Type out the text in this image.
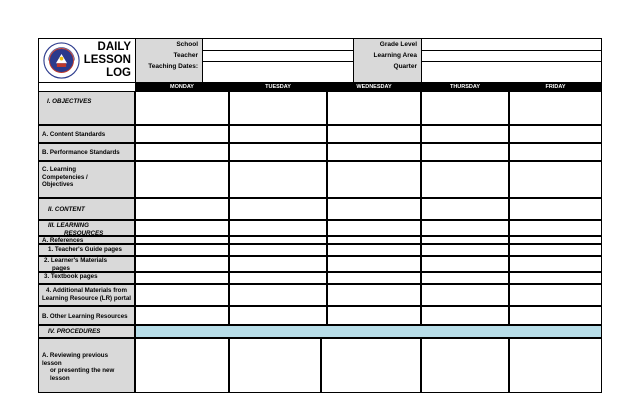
DAILY
LESSON
LOG
School	Grade Level
Teacher	Learning Area
Teaching Dates:	Quarter
MONDAY	TUESDAY	WEDNESDAY	THURSDAY	FRIDAY
I. OBJECTIVES
A. Content Standards
B. Performance Standards
C. Learning
Competencies /
Objectives
II. CONTENT
III. LEARNING
RESOURCES
A. References
1. Teacher's Guide pages
2. Learner's Materials
pages
3. Textbook pages
4. Additional Materials from
Learning Resource (LR) portal
B. Other Learning Resources
IV. PROCEDURES
A. Reviewing previous lesson
or presenting the new
lesson
